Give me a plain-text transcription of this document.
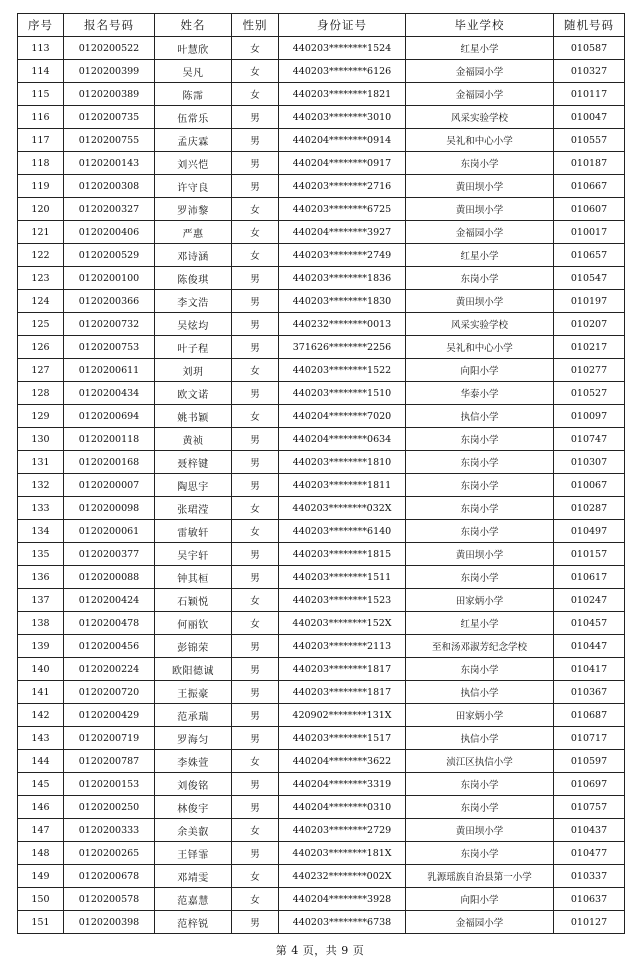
序号	报名号码	姓名	性别	身份证号	毕业学校	随机号码
113	0120200522	叶慧欣	女	440203********1524	红星小学	010587
114	0120200399	吴凡	女	440203********6126	金福园小学	010327
115	0120200389	陈霈	女	440203********1821	金福园小学	010117
116	0120200735	伍常乐	男	440203********3010	风采实验学校	010047
117	0120200755	孟庆霖	男	440204********0914	吴礼和中心小学	010557
118	0120200143	刘兴恺	男	440204********0917	东岗小学	010187
119	0120200308	许守良	男	440203********2716	黄田坝小学	010667
120	0120200327	罗沛黎	女	440203********6725	黄田坝小学	010607
121	0120200406	严惠	女	440204********3927	金福园小学	010017
122	0120200529	邓诗涵	女	440203********2749	红星小学	010657
123	0120200100	陈俊琪	男	440203********1836	东岗小学	010547
124	0120200366	李文浩	男	440203********1830	黄田坝小学	010197
125	0120200732	吴炫均	男	440232********0013	风采实验学校	010207
126	0120200753	叶子程	男	371626********2256	吴礼和中心小学	010217
127	0120200611	刘玥	女	440203********1522	向阳小学	010277
128	0120200434	欧文诺	男	440203********1510	华泰小学	010527
129	0120200694	姚书颖	女	440204********7020	执信小学	010097
130	0120200118	黄祯	男	440204********0634	东岗小学	010747
131	0120200168	聂梓键	男	440203********1810	东岗小学	010307
132	0120200007	陶思宇	男	440203********1811	东岗小学	010067
133	0120200098	张珺滢	女	440203********032X	东岗小学	010287
134	0120200061	雷敏轩	女	440203********6140	东岗小学	010497
135	0120200377	吴宇轩	男	440203********1815	黄田坝小学	010157
136	0120200088	钟其桓	男	440203********1511	东岗小学	010617
137	0120200424	石颖悦	女	440203********1523	田家炳小学	010247
138	0120200478	何丽钦	女	440203********152X	红星小学	010457
139	0120200456	彭锦荣	男	440203********2113	至和汤邓淑芳纪念学校	010447
140	0120200224	欧阳德诚	男	440203********1817	东岗小学	010417
141	0120200720	王振豪	男	440203********1817	执信小学	010367
142	0120200429	范承瑞	男	420902********131X	田家炳小学	010687
143	0120200719	罗海匀	男	440203********1517	执信小学	010717
144	0120200787	李姝萱	女	440204********3622	浈江区执信小学	010597
145	0120200153	刘俊铭	男	440204********3319	东岗小学	010697
146	0120200250	林俊宇	男	440204********0310	东岗小学	010757
147	0120200333	余美叡	女	440203********2729	黄田坝小学	010437
148	0120200265	王铎霏	男	440203********181X	东岗小学	010477
149	0120200678	邓靖雯	女	440232********002X	乳源瑶族自治县第一小学	010337
150	0120200578	范嘉慧	女	440204********3928	向阳小学	010637
151	0120200398	范梓锐	男	440203********6738	金福园小学	010127
第 4 页，共 9 页
